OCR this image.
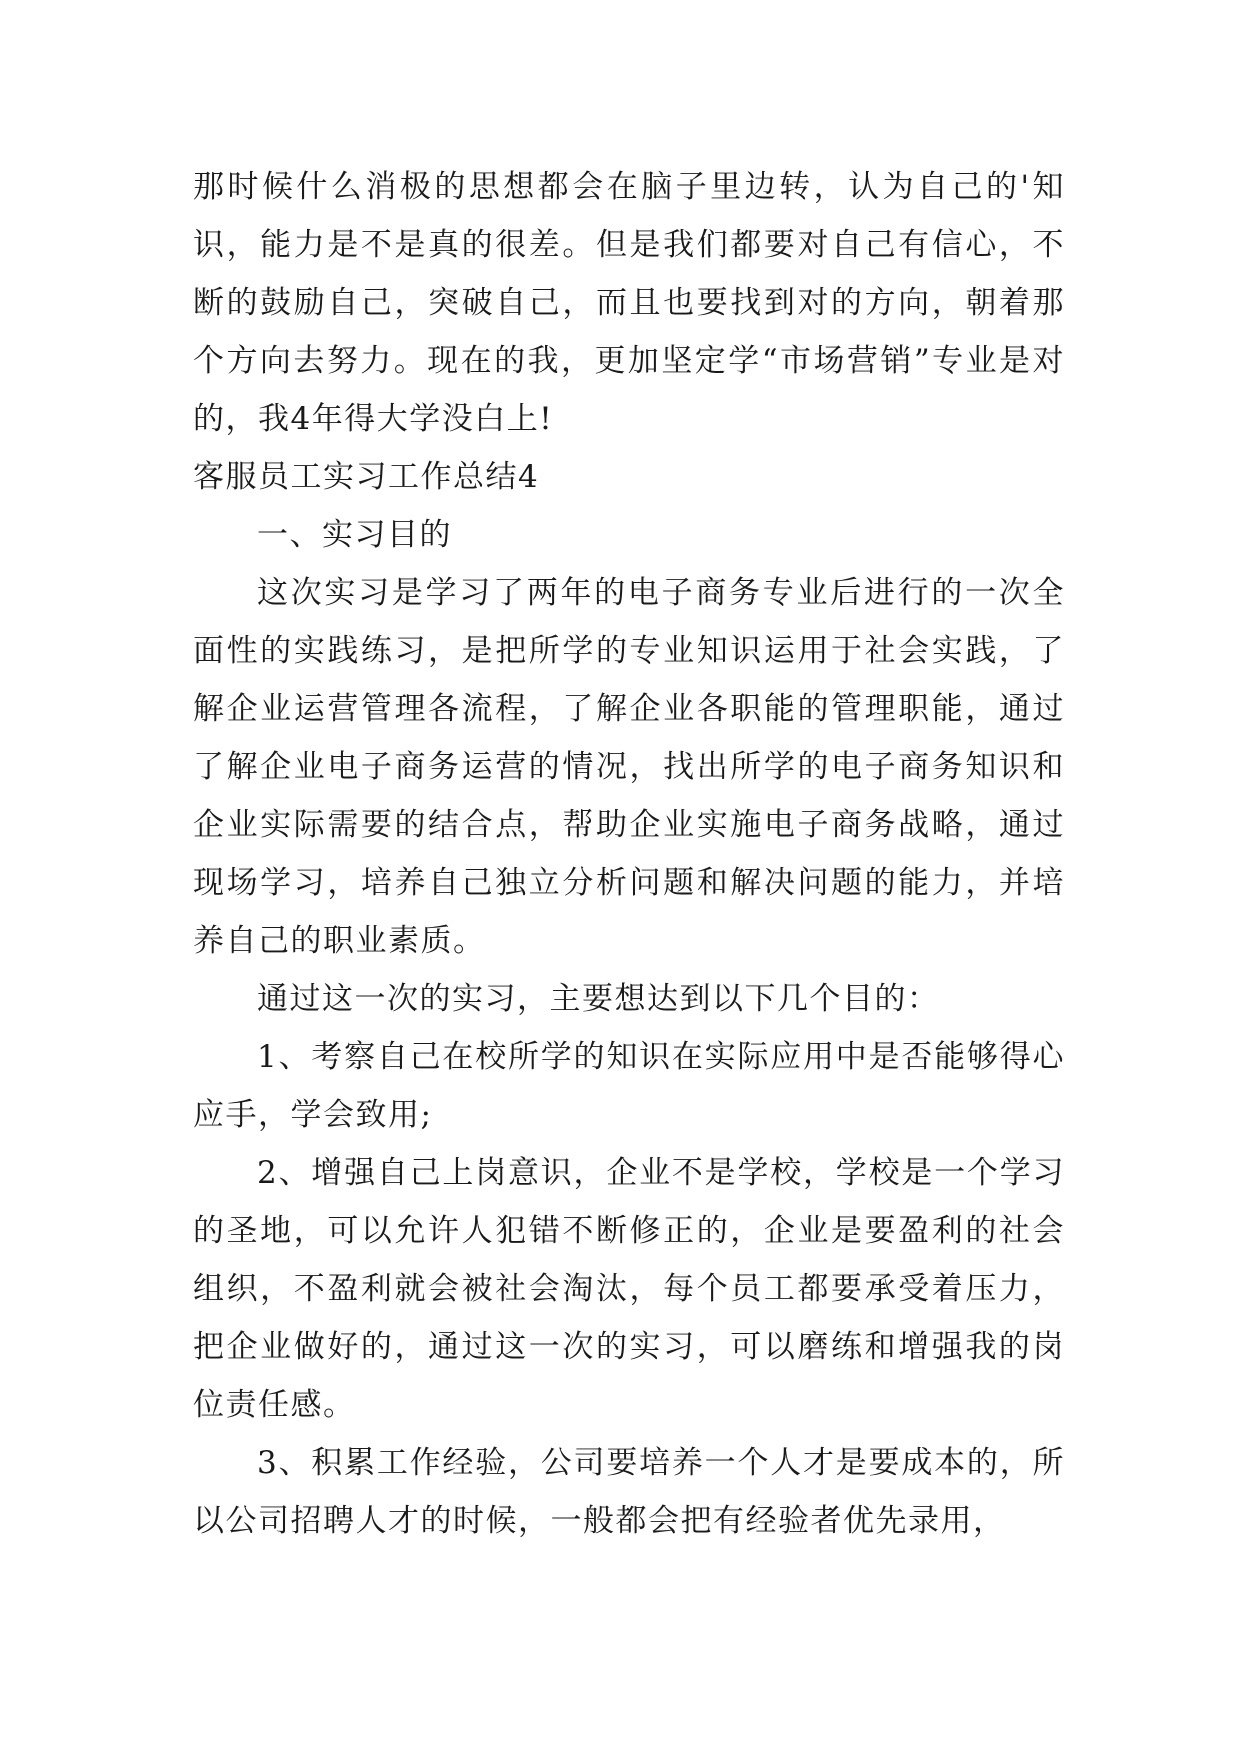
那时候什么消极的思想都会在脑子里边转，认为自己的'知识，能力是不是真的很差。但是我们都要对自己有信心，不断的鼓励自己，突破自己，而且也要找到对的方向，朝着那个方向去努力。现在的我，更加坚定学“市场营销”专业是对的，我4年得大学没白上!

客服员工实习工作总结4

一、实习目的

这次实习是学习了两年的电子商务专业后进行的一次全面性的实践练习，是把所学的专业知识运用于社会实践，了解企业运营管理各流程，了解企业各职能的管理职能，通过了解企业电子商务运营的情况，找出所学的电子商务知识和企业实际需要的结合点，帮助企业实施电子商务战略，通过现场学习，培养自己独立分析问题和解决问题的能力，并培养自己的职业素质。

通过这一次的实习，主要想达到以下几个目的：

1、考察自己在校所学的知识在实际应用中是否能够得心应手，学会致用;

2、增强自己上岗意识，企业不是学校，学校是一个学习的圣地，可以允许人犯错不断修正的，企业是要盈利的社会组织，不盈利就会被社会淘汰，每个员工都要承受着压力，把企业做好的，通过这一次的实习，可以磨练和增强我的岗位责任感。

3、积累工作经验，公司要培养一个人才是要成本的，所以公司招聘人才的时候，一般都会把有经验者优先录用，
